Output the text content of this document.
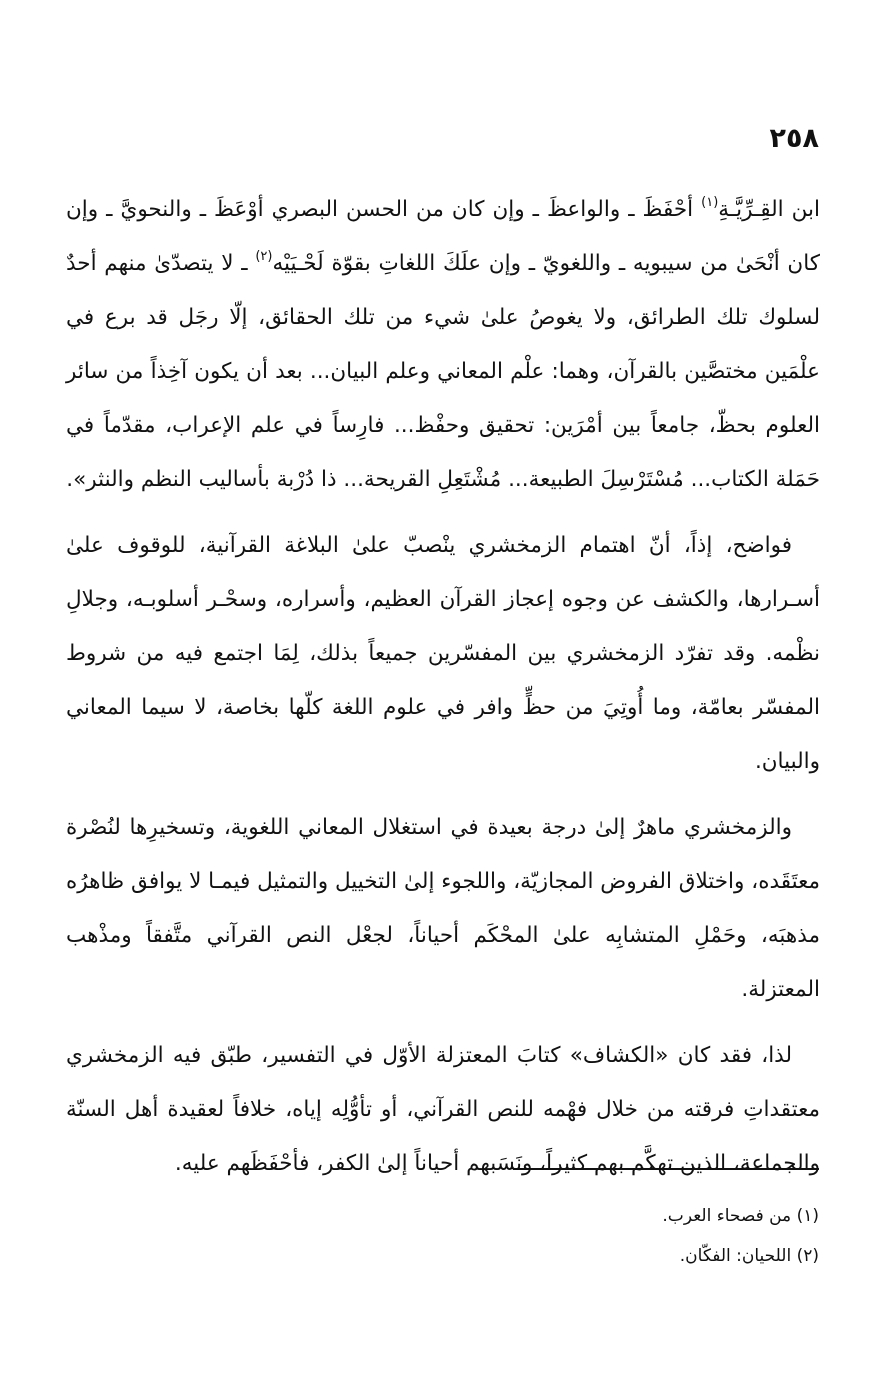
٢٥٨

ابن القِـرِّيَّـةِ$^{(١)}$ أحْفَظَ ـ والواعظَ ـ وإن كان من الحسن البصري أوْعَظَ ـ والنحويَّ ـ وإن كان أنْحَىٰ من سيبويه ـ واللغويّ ـ وإن علَكَ اللغاتِ بقوّة لَحْـيَيْه$^{(٢)}$ ـ لا يتصدّىٰ منهم أحدٌ لسلوك تلك الطرائق، ولا يغوصُ علىٰ شيء من تلك الحقائق، إلّا رجَل قد برع في علْمَين مختصَّين بالقرآن، وهما: علْم المعاني وعلم البيان... بعد أن يكون آخِذاً من سائر العلوم بحظّ، جامعاً بين أمْرَين: تحقيق وحفْظ... فارِساً في علم الإعراب، مقدّماً في حَمَلة الكتاب... مُسْتَرْسِلَ الطبيعة... مُشْتَعِلِ القريحة... ذا دُرْبة بأساليب النظم والنثر».

فواضح، إذاً، أنّ اهتمام الزمخشري ينْصبّ علىٰ البلاغة القرآنية، للوقوف علىٰ أسـرارها، والكشف عن وجوه إعجاز القرآن العظيم، وأسراره، وسحْـر أسلوبـه، وجلالِ نظْمه. وقد تفرّد الزمخشري بين المفسّرين جميعاً بذلك، لِمَا اجتمع فيه من شروط المفسّر بعامّة، وما أُوتِيَ من حظٍّ وافر في علوم اللغة كلّها بخاصة، لا سيما المعاني والبيان.

والزمخشري ماهرٌ إلىٰ درجة بعيدة في استغلال المعاني اللغوية، وتسخيرِها لنُصْرة معتَقَده، واختلاق الفروض المجازيّة، واللجوء إلىٰ التخييل والتمثيل فيمـا لا يوافق ظاهرُه مذهبَه، وحَمْلِ المتشابِه علىٰ المحْكَم أحياناً، لجعْل النص القرآني متَّفقاً ومذْهب المعتزلة.

لذا، فقد كان «الكشاف» كتابَ المعتزلة الأوّل في التفسير، طبّق فيه الزمخشري معتقداتِ فرقته من خلال فهْمه للنص القرآني، أو تأوُّلِه إياه، خلافاً لعقيدة أهل السنّة والجماعة، الذين تهكَّم بهم كثيراً، ونَسَبهم أحياناً إلىٰ الكفر، فأحْفَظَهم عليه.

(١) من فصحاء العرب.

(٢) اللحيان: الفكّان.
